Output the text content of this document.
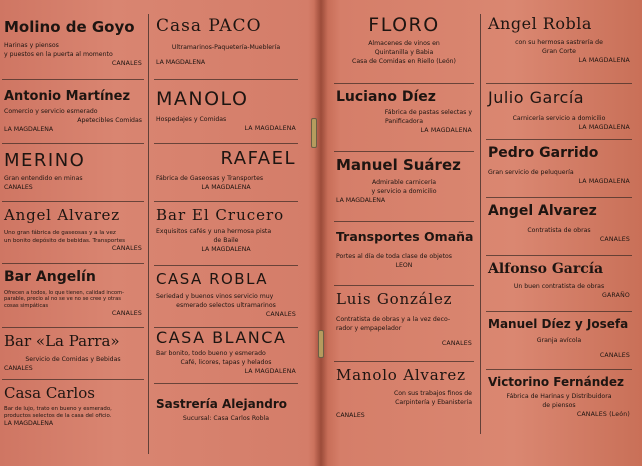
Molino de Goyo
Harinas y piensos
y puestos en la puerta al momento
CANALES
Antonio Martínez
Comercio y servicio esmerado
Apetecibles Comidas
LA MAGDALENA
MERINO
Gran entendido en minas
CANALES
Angel Alvarez
Uno gran fábrica de gaseosas y a la vez
un bonito depósito de bebidas. Transportes
CANALES
Bar Angelín
Ofrecen a todos, lo que tienen, calidad incom-
parable, precio al no se ve no se cree y otras
cosas simpáticas
CANALES
Bar «La Parra»
Servicio de Comidas y Bebidas
CANALES
Casa Carlos
Bar de lujo, trato en bueno y esmerado,
productos selectos de la casa del oficio.
LA MAGDALENA
Casa PACO
Ultramarinos-Paquetería-Mueblería
LA MAGDALENA
MANOLO
Hospedajes y Comidas
LA MAGDALENA
RAFAEL
Fábrica de Gaseosas y Transportes
LA MAGDALENA
Bar El Crucero
Exquisitos cafés y una hermosa pista
de Baile
LA MAGDALENA
CASA ROBLA
Seriedad y buenos vinos servicio muy
esmerado selectos ultramarinos
CANALES
CASA BLANCA
Bar bonito, todo bueno y esmerado
Café, licores, tapas y helados
LA MAGDALENA
Sastrería Alejandro
Sucursal: Casa Carlos Robla
FLORO
Almacenes de vinos en
Quintanilla y Babia
Casa de Comidas en Riello (León)
Luciano Díez
Fábrica de pastas selectas y
Panificadora
LA MAGDALENA
Manuel Suárez
Admirable carnicería
y servicio a domicilio
LA MAGDALENA
Transportes Omaña
Portes al día de toda clase de objetos
LEON
Luis González
Contratista de obras y a la vez deco-
rador y empapelador
CANALES
Manolo Alvarez
Con sus trabajos finos de
Carpintería y Ebanistería
CANALES
Angel Robla
con su hermosa sastrería de
Gran Corte
LA MAGDALENA
Julio García
Carnicería servicio a domicilio
LA MAGDALENA
Pedro Garrido
Gran servicio de peluquería
LA MAGDALENA
Angel Alvarez
Contratista de obras
CANALES
Alfonso García
Un buen contratista de obras
GARAÑO
Manuel Díez y Josefa
Granja avícola
CANALES
Victorino Fernández
Fábrica de Harinas y Distribuidora
de piensos
CANALES (León)
